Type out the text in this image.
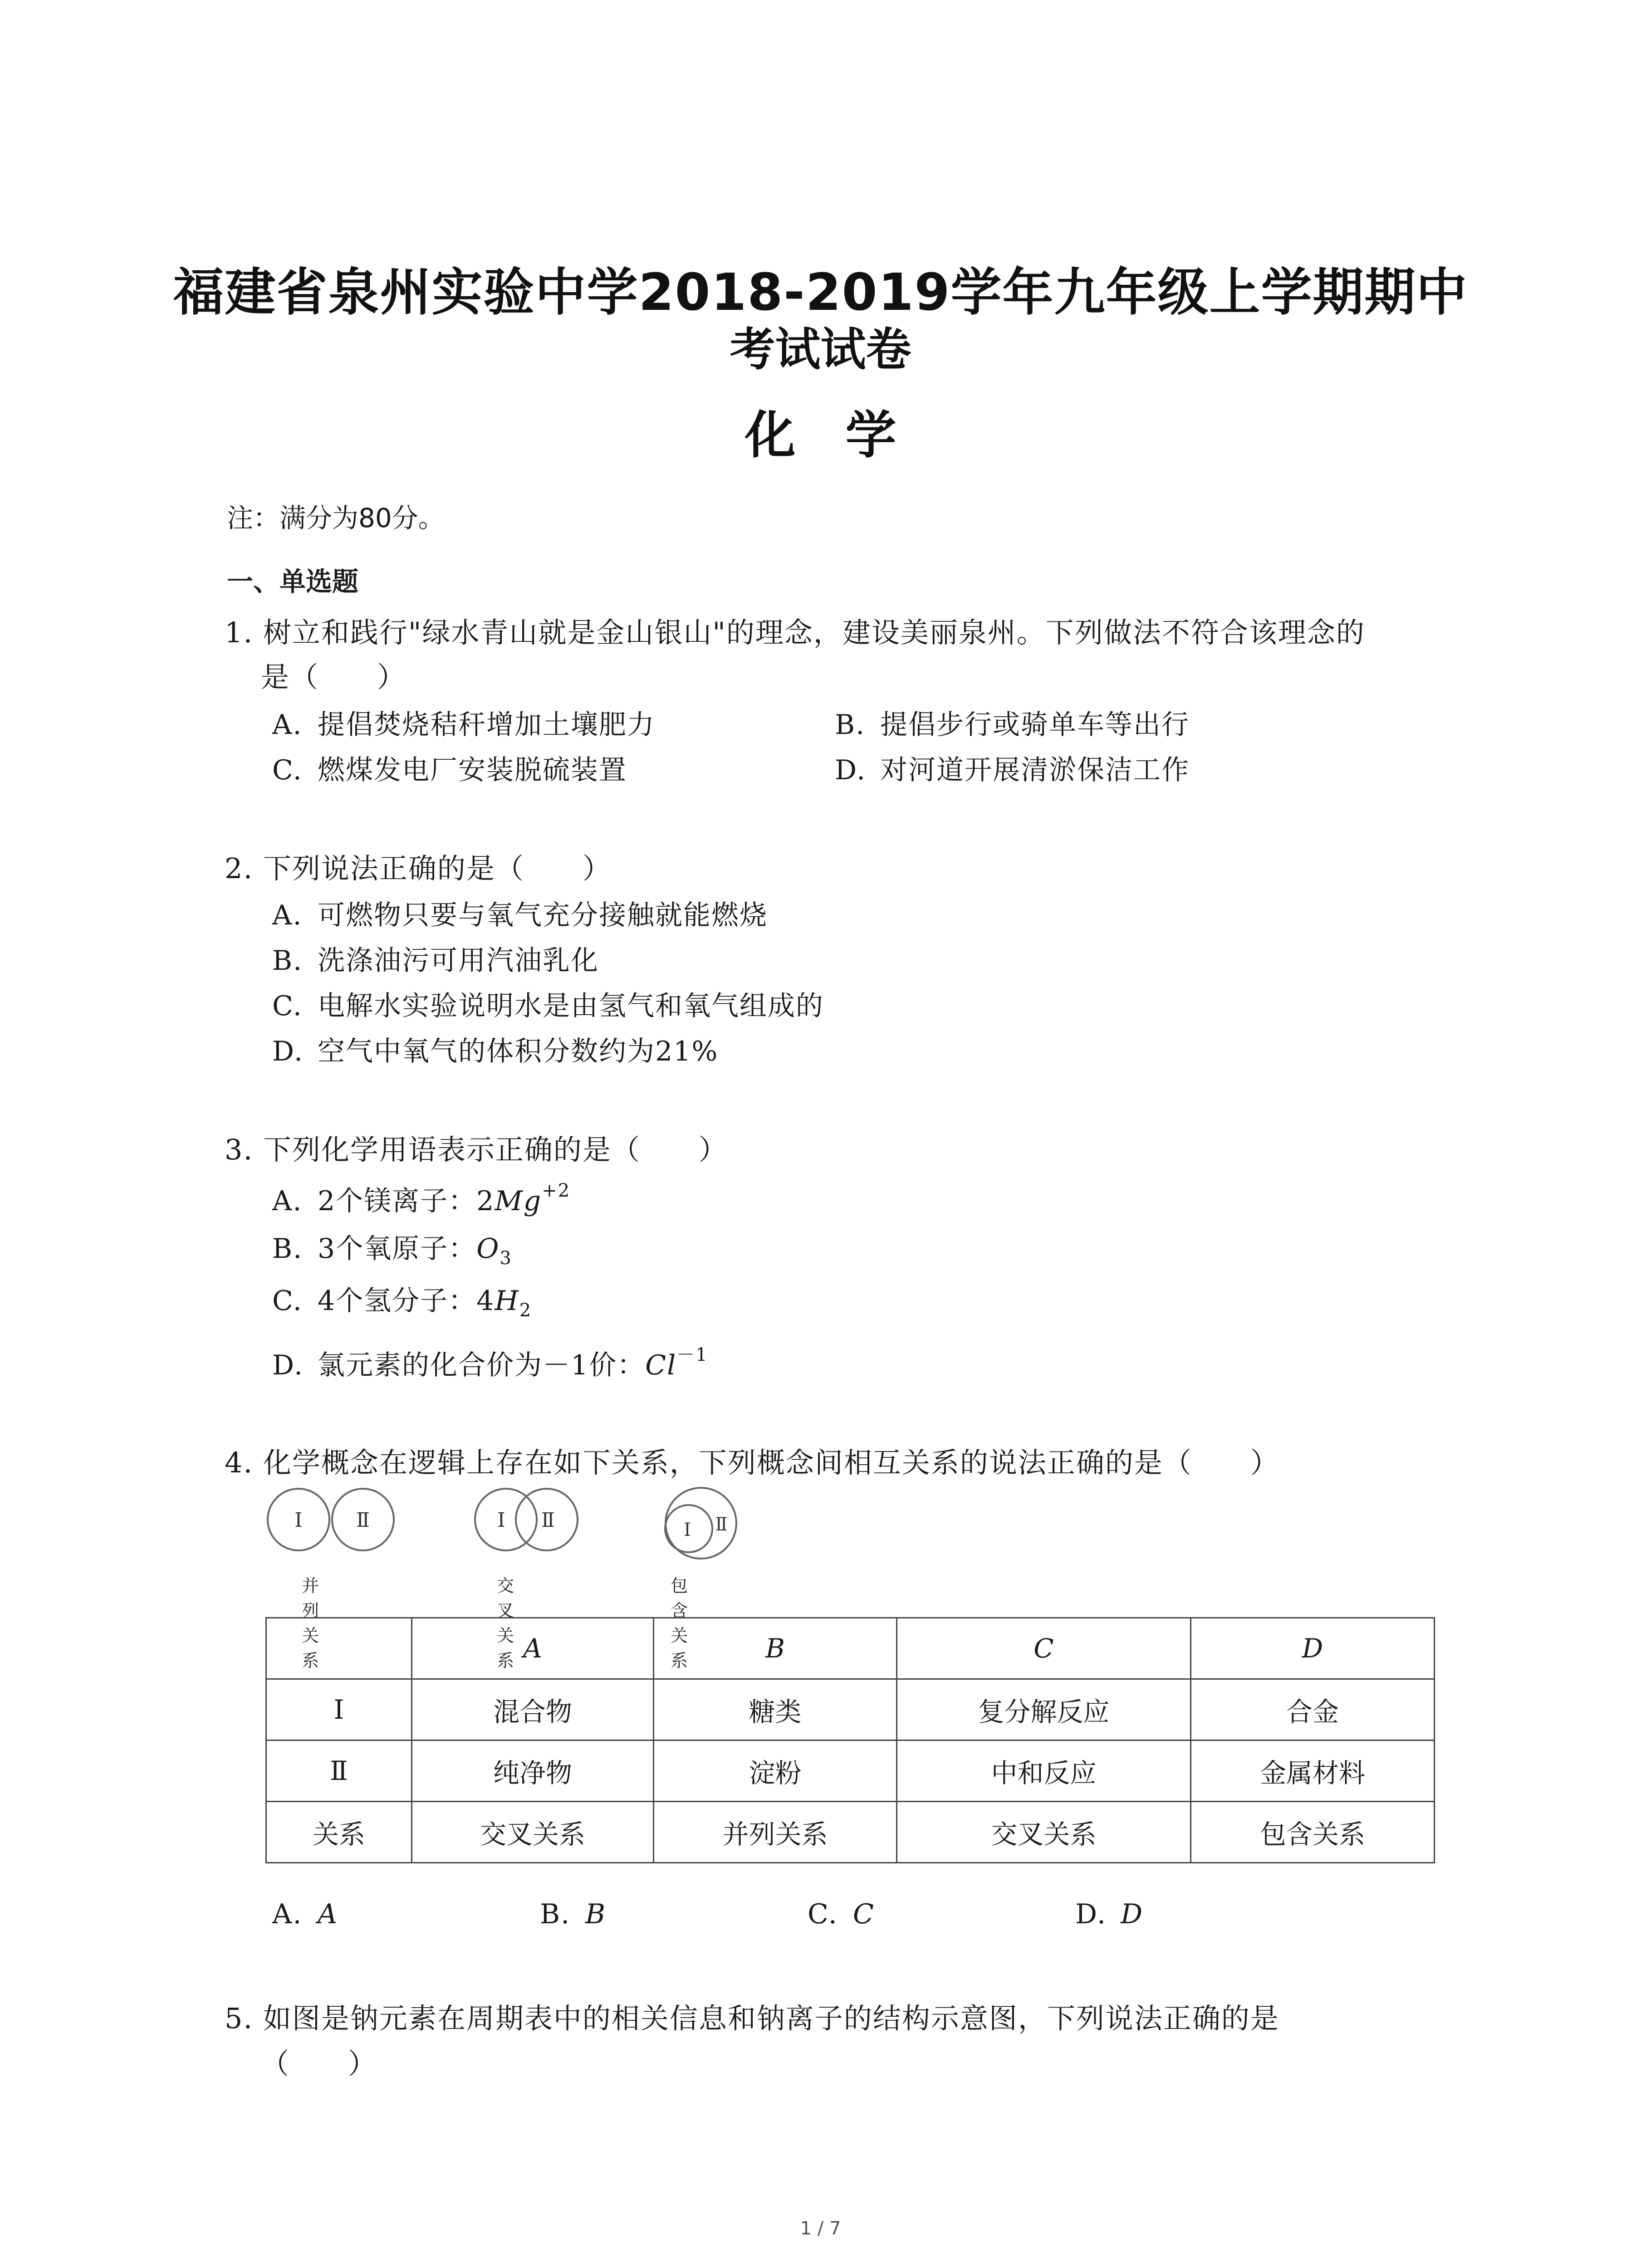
福建省泉州实验中学2018-2019学年九年级上学期期中
考试试卷
化学
注：满分为80分。
一、单选题
1. 树立和践行"绿水青山就是金山银山"的理念，建设美丽泉州。下列做法不符合该理念的
是（　　）
A. 提倡焚烧秸秆增加土壤肥力	B. 提倡步行或骑单车等出行
C. 燃煤发电厂安装脱硫装置	D. 对河道开展清淤保洁工作
2. 下列说法正确的是（　　）
A. 可燃物只要与氧气充分接触就能燃烧
B. 洗涤油污可用汽油乳化
C. 电解水实验说明水是由氢气和氧气组成的
D. 空气中氧气的体积分数约为21%
3. 下列化学用语表示正确的是（　　）
A. 2个镁离子：$2Mg^{+2}$
B. 3个氧原子：$O_3$
C. 4个氢分子：$4H_2$
D. 氯元素的化合价为－1价：$Cl^{-1}$
4. 化学概念在逻辑上存在如下关系，下列概念间相互关系的说法正确的是（　　）
Ⅰ	Ⅱ	Ⅰ Ⅱ	Ⅰ Ⅱ
并列关系
交叉关系
包含关系
	A	B	C	D
Ⅰ	混合物	糖类	复分解反应	合金
Ⅱ	纯净物	淀粉	中和反应	金属材料
关系	交叉关系	并列关系	交叉关系	包含关系
A. A	B. B	C. C	D. D
5. 如图是钠元素在周期表中的相关信息和钠离子的结构示意图，下列说法正确的是
（　　）
1 / 7
